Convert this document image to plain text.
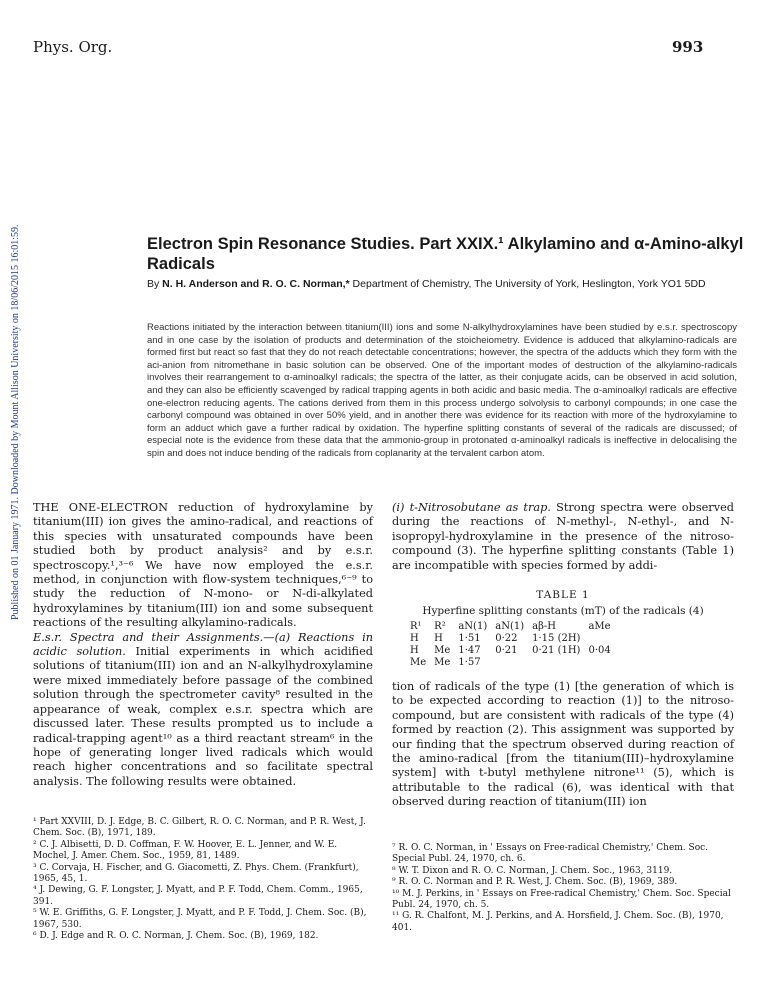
Phys. Org.	993
Published on 01 January 1971. Downloaded by Mount Allison University on 18/06/2015 16:01:59.	Electron Spin Resonance Studies. Part XXIX.¹ Alkylamino and α-Amino-alkyl Radicals
By N. H. Anderson and R. O. C. Norman,* Department of Chemistry, The University of York, Heslington, York YO1 5DD
Reactions initiated by the interaction between titanium(III) ions and some N-alkylhydroxylamines have been studied by e.s.r. spectroscopy and in one case by the isolation of products and determination of the stoicheiometry. Evidence is adduced that alkylamino-radicals are formed first but react so fast that they do not reach detectable concentrations; however, the spectra of the adducts which they form with the aci-anion from nitromethane in basic solution can be observed. One of the important modes of destruction of the alkylamino-radicals involves their rearrangement to α-aminoalkyl radicals; the spectra of the latter, as their conjugate acids, can be observed in acid solution, and they can also be efficiently scavenged by radical trapping agents in both acidic and basic media. The α-aminoalkyl radicals are effective one-electron reducing agents. The cations derived from them in this process undergo solvolysis to carbonyl compounds; in one case the carbonyl compound was obtained in over 50% yield, and in another there was evidence for its reaction with more of the hydroxylamine to form an adduct which gave a further radical by oxidation. The hyperfine splitting constants of several of the radicals are discussed; of especial note is the evidence from these data that the ammonio-group in protonated α-aminoalkyl radicals is ineffective in delocalising the spin and does not induce bending of the radicals from coplanarity at the tervalent carbon atom.

THE ONE-ELECTRON reduction of hydroxylamine by titanium(III) ion gives the amino-radical, and reactions of this species with unsaturated compounds have been studied both by product analysis² and by e.s.r. spectroscopy.¹,³⁻⁶ We have now employed the e.s.r. method, in conjunction with flow-system techniques,⁶⁻⁹ to study the reduction of N-mono- or N-di-alkylated hydroxylamines by titanium(III) ion and some subsequent reactions of the resulting alkylamino-radicals.

E.s.r. Spectra and their Assignments.—(a) Reactions in acidic solution. Initial experiments in which acidified solutions of titanium(III) ion and an N-alkylhydroxylamine were mixed immediately before passage of the combined solution through the spectrometer cavity⁸ resulted in the appearance of weak, complex e.s.r. spectra which are discussed later. These results prompted us to include a radical-trapping agent¹⁰ as a third reactant stream⁶ in the hope of generating longer lived radicals which would reach higher concentrations and so facilitate spectral analysis. The following results were obtained.

¹ Part XXVIII, D. J. Edge, B. C. Gilbert, R. O. C. Norman, and P. R. West, J. Chem. Soc. (B), 1971, 189.
² C. J. Albisetti, D. D. Coffman, F. W. Hoover, E. L. Jenner, and W. E. Mochel, J. Amer. Chem. Soc., 1959, 81, 1489.
³ C. Corvaja, H. Fischer, and G. Giacometti, Z. Phys. Chem. (Frankfurt), 1965, 45, 1.
⁴ J. Dewing, G. F. Longster, J. Myatt, and P. F. Todd, Chem. Comm., 1965, 391.
⁵ W. E. Griffiths, G. F. Longster, J. Myatt, and P. F. Todd, J. Chem. Soc. (B), 1967, 530.
⁶ D. J. Edge and R. O. C. Norman, J. Chem. Soc. (B), 1969, 182.

(i) t-Nitrosobutane as trap. Strong spectra were observed during the reactions of N-methyl-, N-ethyl-, and N-isopropyl-hydroxylamine in the presence of the nitroso-compound (3). The hyperfine splitting constants (Table 1) are incompatible with species formed by addi-

TABLE 1
Hyperfine splitting constants (mT) of the radicals (4)
R¹	R²	aN(1)	aN(1)	aβ-H	aMe
H	H	1·51	0·22	1·15 (2H)	
H	Me	1·47	0·21	0·21 (1H)	0·04
Me	Me	1·57			

tion of radicals of the type (1) [the generation of which is to be expected according to reaction (1)] to the nitroso-compound, but are consistent with radicals of the type (4) formed by reaction (2). This assignment was supported by our finding that the spectrum observed during reaction of the amino-radical [from the titanium(III)–hydroxylamine system] with t-butyl methylene nitrone¹¹ (5), which is attributable to the radical (6), was identical with that observed during reaction of titanium(III) ion

⁷ R. O. C. Norman, in ' Essays on Free-radical Chemistry,' Chem. Soc. Special Publ. 24, 1970, ch. 6.
⁸ W. T. Dixon and R. O. C. Norman, J. Chem. Soc., 1963, 3119.
⁹ R. O. C. Norman and P. R. West, J. Chem. Soc. (B), 1969, 389.
¹⁰ M. J. Perkins, in ' Essays on Free-radical Chemistry,' Chem. Soc. Special Publ. 24, 1970, ch. 5.
¹¹ G. R. Chalfont, M. J. Perkins, and A. Horsfield, J. Chem. Soc. (B), 1970, 401.
